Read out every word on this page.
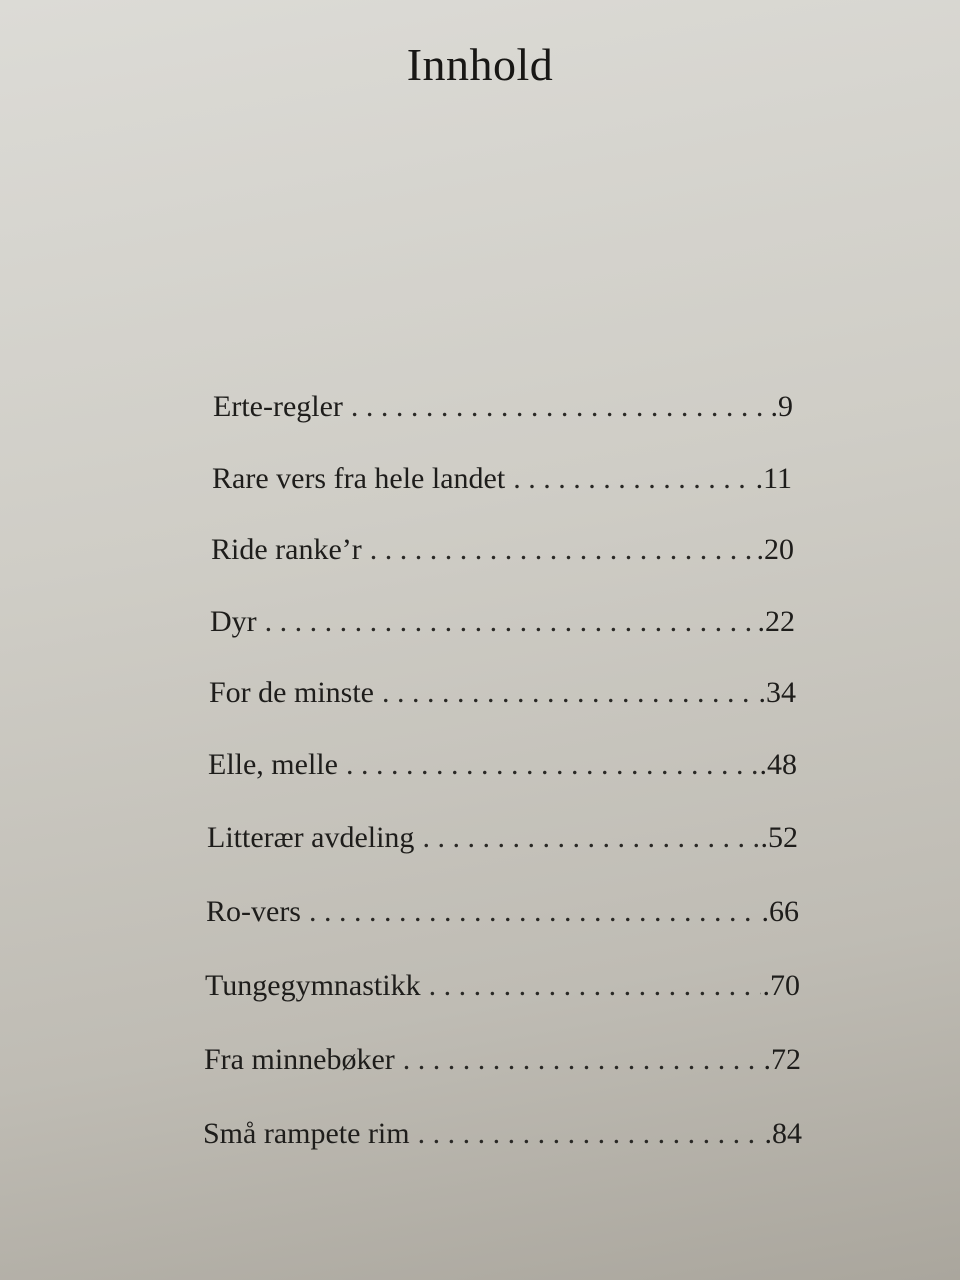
Innhold
Erte-regler . . .	.9
Rare vers fra hele landet . . .	.11
Ride ranke’r . . .	.20
Dyr . . .	.22
For de minste . . .	.34
Elle, melle . . .	.48
Litterær avdeling . . .	.52
Ro-vers . . .	.66
Tungegymnastikk . . .	.70
Fra minnebøker . . .	.72
Små rampete rim . . .	.84
